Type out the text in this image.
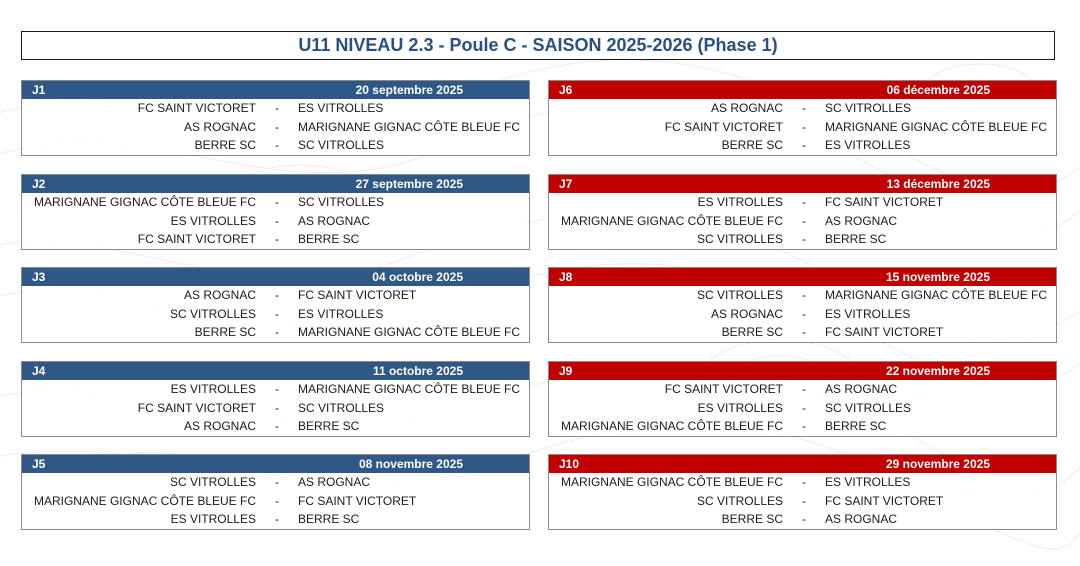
U11 NIVEAU 2.3 - Poule C - SAISON 2025-2026 (Phase 1)
J1	20 septembre 2025
FC SAINT VICTORET	-	ES VITROLLES
AS ROGNAC	-	MARIGNANE GIGNAC CÔTE BLEUE FC
BERRE SC	-	SC VITROLLES
J2	27 septembre 2025
MARIGNANE GIGNAC CÔTE BLEUE FC	-	SC VITROLLES
ES VITROLLES	-	AS ROGNAC
FC SAINT VICTORET	-	BERRE SC
J3	04 octobre 2025
AS ROGNAC	-	FC SAINT VICTORET
SC VITROLLES	-	ES VITROLLES
BERRE SC	-	MARIGNANE GIGNAC CÔTE BLEUE FC
J4	11 octobre 2025
ES VITROLLES	-	MARIGNANE GIGNAC CÔTE BLEUE FC
FC SAINT VICTORET	-	SC VITROLLES
AS ROGNAC	-	BERRE SC
J5	08 novembre 2025
SC VITROLLES	-	AS ROGNAC
MARIGNANE GIGNAC CÔTE BLEUE FC	-	FC SAINT VICTORET
ES VITROLLES	-	BERRE SC
J6	06 décembre 2025
AS ROGNAC	-	SC VITROLLES
FC SAINT VICTORET	-	MARIGNANE GIGNAC CÔTE BLEUE FC
BERRE SC	-	ES VITROLLES
J7	13 décembre 2025
ES VITROLLES	-	FC SAINT VICTORET
MARIGNANE GIGNAC CÔTE BLEUE FC	-	AS ROGNAC
SC VITROLLES	-	BERRE SC
J8	15 novembre 2025
SC VITROLLES	-	MARIGNANE GIGNAC CÔTE BLEUE FC
AS ROGNAC	-	ES VITROLLES
BERRE SC	-	FC SAINT VICTORET
J9	22 novembre 2025
FC SAINT VICTORET	-	AS ROGNAC
ES VITROLLES	-	SC VITROLLES
MARIGNANE GIGNAC CÔTE BLEUE FC	-	BERRE SC
J10	29 novembre 2025
MARIGNANE GIGNAC CÔTE BLEUE FC	-	ES VITROLLES
SC VITROLLES	-	FC SAINT VICTORET
BERRE SC	-	AS ROGNAC
